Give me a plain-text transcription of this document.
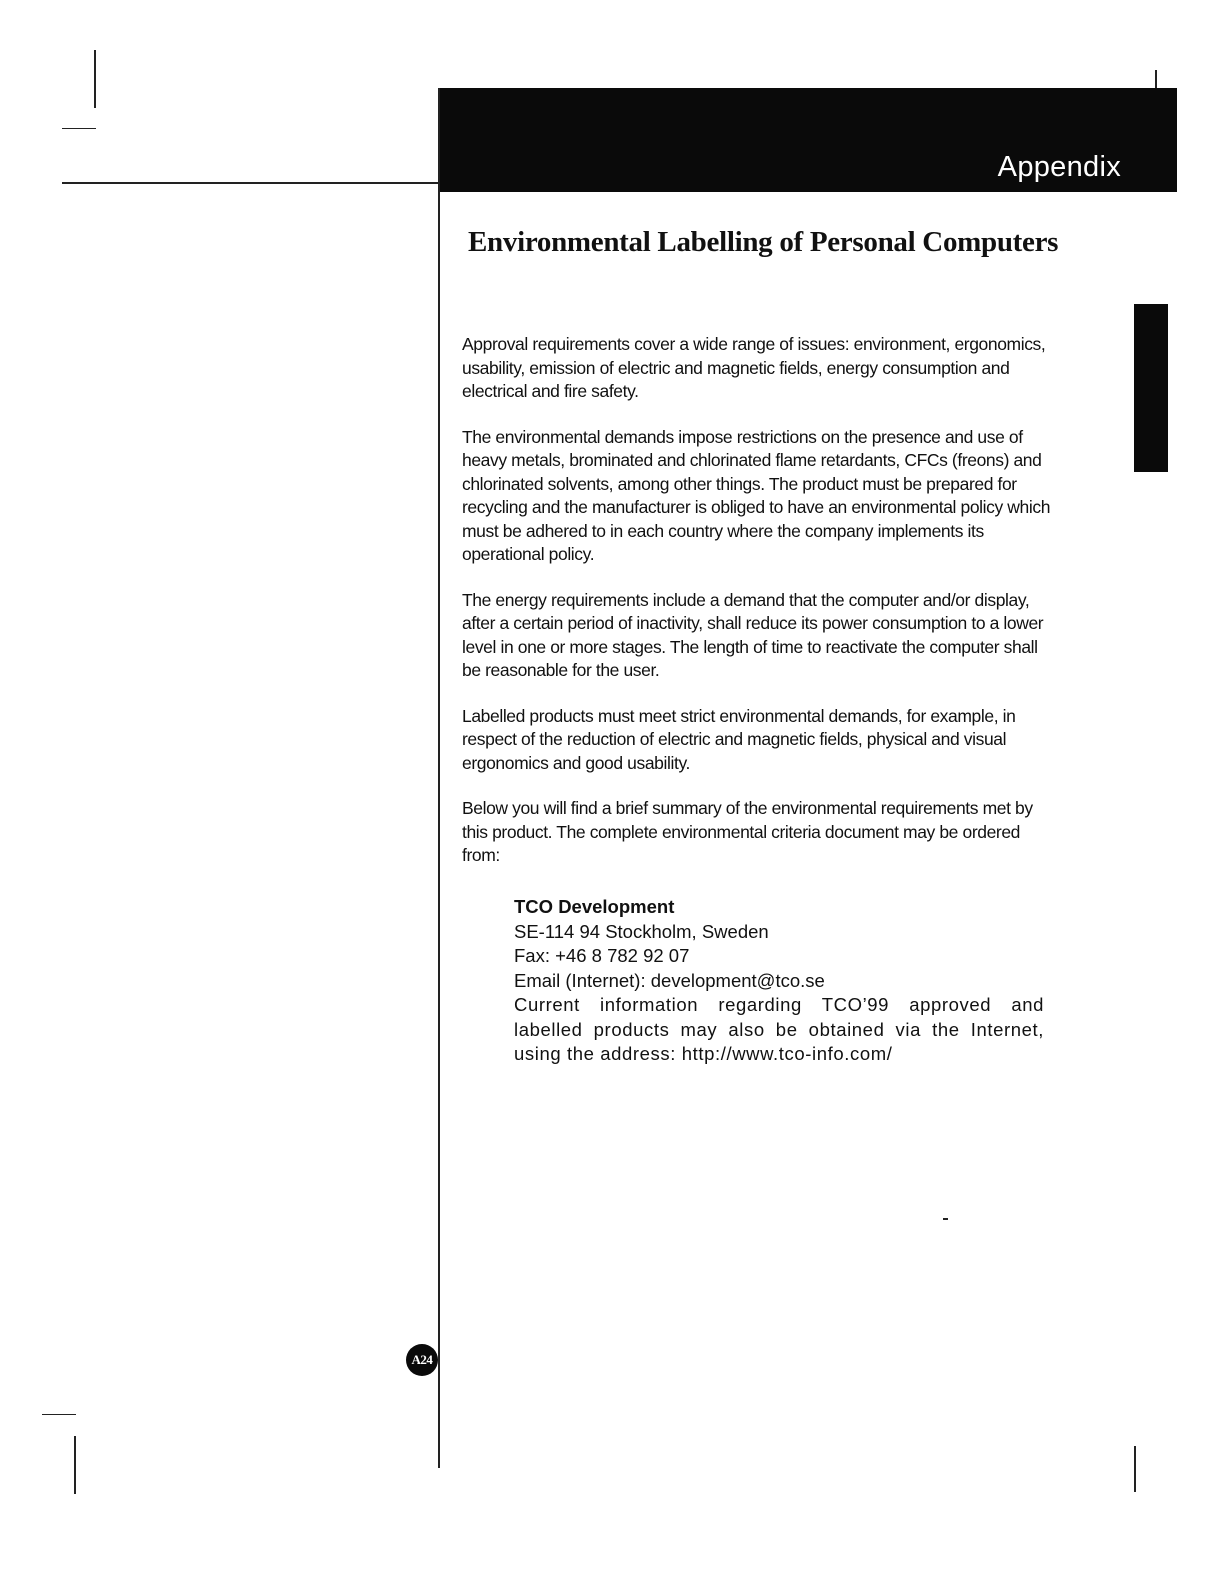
Appendix
Environmental Labelling of Personal Computers

Approval requirements cover a wide range of issues: environment, ergonomics, usability, emission of electric and magnetic fields, energy consumption and electrical and fire safety.

The environmental demands impose restrictions on the presence and use of heavy metals, brominated and chlorinated flame retardants, CFCs (freons) and chlorinated solvents, among other things. The product must be prepared for recycling and the manufacturer is obliged to have an environmental policy which must be adhered to in each country where the company implements its operational policy.

The energy requirements include a demand that the computer and/or display, after a certain period of inactivity, shall reduce its power consumption to a lower level in one or more stages. The length of time to reactivate the computer shall be reasonable for the user.

Labelled products must meet strict environmental demands, for example, in respect of the reduction of electric and magnetic fields, physical and visual ergonomics and good usability.

Below you will find a brief summary of the environmental requirements met by this product. The complete environmental criteria document may be ordered from:

TCO Development
SE-114 94 Stockholm, Sweden
Fax: +46 8 782 92 07
Email (Internet): development@tco.se
Current information regarding TCO’99 approved and labelled products may also be obtained via the Internet, using the address: http://www.tco-info.com/
A24
